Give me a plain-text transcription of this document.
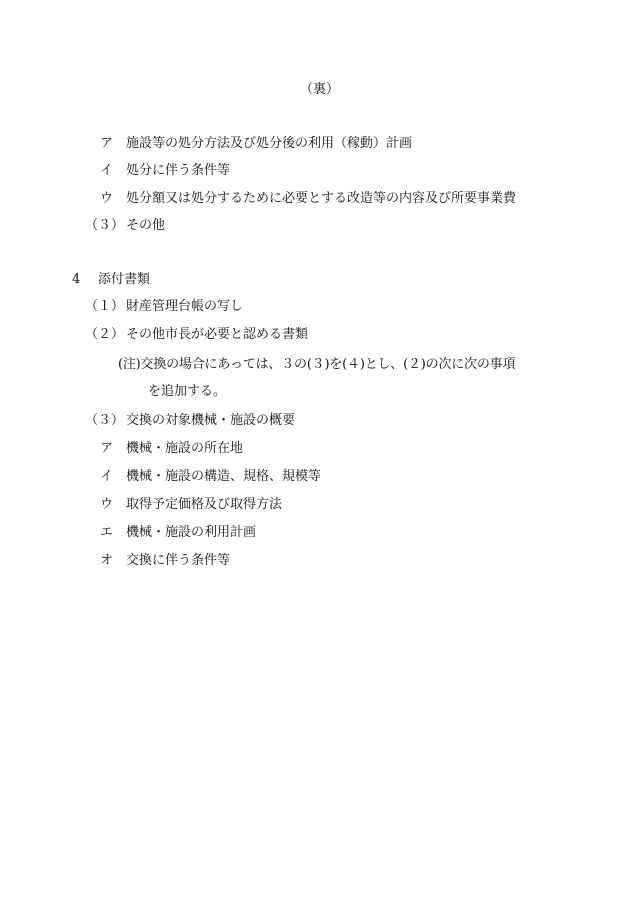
（裏）
ア 施設等の処分方法及び処分後の利用（稼動）計画
イ 処分に伴う条件等
ウ 処分額又は処分するために必要とする改造等の内容及び所要事業費
（３） その他
4 添付書類
（１） 財産管理台帳の写し
（２） その他市長が必要と認める書類
(注)交換の場合にあっては、３の(３)を(４)とし、(２)の次に次の事項
を追加する。
（３） 交換の対象機械・施設の概要
ア 機械・施設の所在地
イ 機械・施設の構造、規格、規模等
ウ 取得予定価格及び取得方法
エ 機械・施設の利用計画
オ 交換に伴う条件等
